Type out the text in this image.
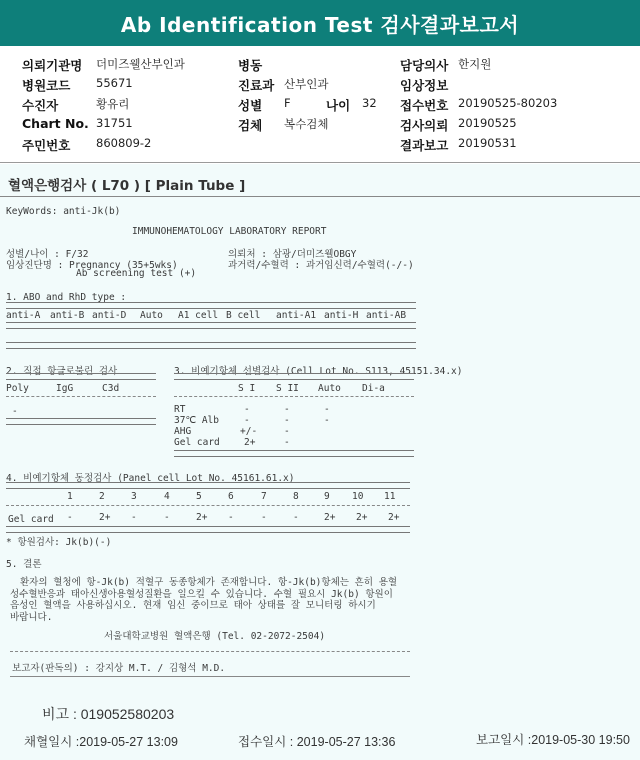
Ab Identification Test 검사결과보고서
의뢰기관명 더미즈웰산부인과	병동	담당의사 한지원
병원코드 55671	진료과 산부인과	임상정보
수진자	황유리	성별 F	나이 32 접수번호 20190525-80203
Chart No. 31751	검체 복수검체	검사의뢰 20190525
주민번호 860809-2	결과보고 20190531
혈액은행검사 ( L70 ) [ Plain Tube ]
KeyWords: anti-Jk(b)
IMMUNOHEMATOLOGY LABORATORY REPORT
성별/나이 : F/32
임상진단명 : Pregnancy (35+5wks)
Ab screening test (+)
의뢰처 : 삼광/더미즈웰OBGY
과거력/수혈력 : 과거임신력/수혈력(-/-)
1. ABO and RhD type :
anti-A anti-B anti-D Auto A1 cell B cell anti-A1 anti-H anti-AB
2. 직접 항글로불린 검사
Poly	IgG	C3d
-
3. 비예기항체 선별검사 (Cell Lot No. S113, 45151.34.x)
S I S II Auto Di-a
RT	-	-	-
37℃ Alb	-	-	-
AHG	+/-	-
Gel card	2+	-
4. 비예기항체 동정검사 (Panel cell Lot No. 45161.61.x)
1	2	3	4	5	6	7	8	9 10 11
Gel card -	2+ -	-	2+ -	-	-	2+ 2+ 2+
* 항원검사: Jk(b)(-)
5. 결론
환자의 혈청에 항-Jk(b) 적혈구 동종항체가 존재합니다. 항-Jk(b)항체는 흔히 용혈
성수혈반응과 태아신생아용혈성질환을 일으킬 수 있습니다. 수혈 필요시 Jk(b) 항원이
음성인 혈액을 사용하십시오. 현재 임신 중이므로 태아 상태를 잘 모니터링 하시기
바랍니다.
서울대학교병원 혈액은행 (Tel. 02-2072-2504)
보고자(판독의) : 강지상 M.T. / 김형석 M.D.
비고 : 019052580203
채혈일시 :2019-05-27 13:09	접수일시 : 2019-05-27 13:36	보고일시 :2019-05-30 19:50
